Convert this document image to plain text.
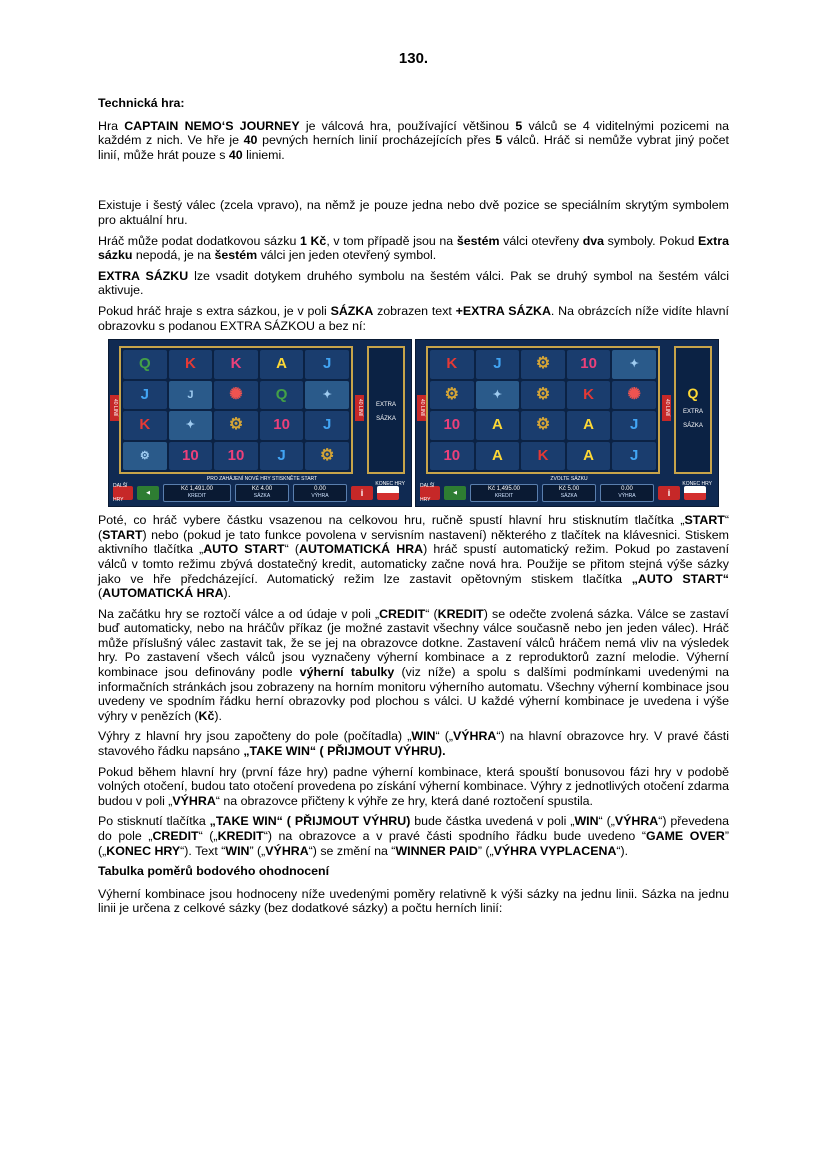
130.
Technická hra:

Hra CAPTAIN NEMO‘S JOURNEY je válcová hra, používající většinou 5 válců se 4 viditelnými pozicemi na každém z nich. Ve hře je 40 pevných herních linií procházejících přes 5 válců. Hráč si nemůže vybrat jiný počet linií, může hrát pouze s 40 liniemi.

Existuje i šestý válec (zcela vpravo), na němž je pouze jedna nebo dvě pozice se speciálním skrytým symbolem pro aktuální hru.

Hráč může podat dodatkovou sázku 1 Kč, v tom případě jsou na šestém válci otevřeny dva symboly. Pokud Extra sázku nepodá, je na šestém válci jen jeden otevřený symbol.

EXTRA SÁZKU lze vsadit dotykem druhého symbolu na šestém válci. Pak se druhý symbol na šestém válci aktivuje.

Pokud hráč hraje s extra sázkou, je v poli SÁZKA zobrazen text +EXTRA SÁZKA. Na obrázcích níže vidíte hlavní obrazovku s podanou EXTRA SÁZKOU a bez ní:

40 LINIÍ
Q	K	K	A	J
J	J	✺	Q	✦
K	✦	⚙	10	J
⚙	10	10	J	⚙
40 LINIÍ	EXTRA SÁZKA
PRO ZAHÁJENÍ NOVÉ HRY STISKNĚTE START
DALŠÍ HRY
◀
Kč 1,491.00
KREDIT
Kč 4.00
SÁZKA
0.00
VÝHRA	i
KONEC HRY
40 LINIÍ
K	J	⚙	10	✦
⚙	✦	⚙	K	✺
10	A	⚙	A	J
10	A	K	A	J
40 LINIÍ
Q
EXTRA SÁZKA
ZVOLTE SÁZKU
DALŠÍ HRY
◀
Kč 1,495.00
KREDIT
Kč 5.00
SÁZKA
0.00
VÝHRA	i
KONEC HRY

Poté, co hráč vybere částku vsazenou na celkovou hru, ručně spustí hlavní hru stisknutím tlačítka „START“ (START) nebo (pokud je tato funkce povolena v servisním nastavení) některého z tlačítek na klávesnici. Stiskem aktivního tlačítka „AUTO START“ (AUTOMATICKÁ HRA) hráč spustí automatický režim. Pokud po zastavení válců v tomto režimu zbývá dostatečný kredit, automaticky začne nová hra. Použije se přitom stejná výše sázky jako ve hře předcházející. Automatický režim lze zastavit opětovným stiskem tlačítka „AUTO START“ (AUTOMATICKÁ HRA).

Na začátku hry se roztočí válce a od údaje v poli „CREDIT“ (KREDIT) se odečte zvolená sázka. Válce se zastaví buď automaticky, nebo na hráčův příkaz (je možné zastavit všechny válce současně nebo jen jeden válec). Hráč může příslušný válec zastavit tak, že se jej na obrazovce dotkne. Zastavení válců hráčem nemá vliv na výsledek hry. Po zastavení všech válců jsou vyznačeny výherní kombinace a z reproduktorů zazní melodie. Výherní kombinace jsou definovány podle výherní tabulky (viz níže) a spolu s dalšími podmínkami uvedenými na informačních stránkách jsou zobrazeny na horním monitoru výherního automatu. Všechny výherní kombinace jsou uvedeny ve spodním řádku herní obrazovky pod plochou s válci. U každé výherní kombinace je uvedena i výše výhry v penězích (Kč).

Výhry z hlavní hry jsou započteny do pole (počítadla) „WIN“ („VÝHRA“) na hlavní obrazovce hry. V pravé části stavového řádku napsáno „TAKE WIN“ ( PŘIJMOUT VÝHRU).

Pokud během hlavní hry (první fáze hry) padne výherní kombinace, která spouští bonusovou fázi hry v podobě volných otočení, budou tato otočení provedena po získání výherní kombinace. Výhry z jednotlivých otočení zdarma budou v poli „VÝHRA“ na obrazovce přičteny k výhře ze hry, která dané roztočení spustila.

Po stisknutí tlačítka „TAKE WIN“ ( PŘIJMOUT VÝHRU) bude částka uvedená v poli „WIN“ („VÝHRA“) převedena do pole „CREDIT“ („KREDIT“) na obrazovce a v pravé části spodního řádku bude uvedeno “GAME OVER” („KONEC HRY“). Text “WIN” („VÝHRA“) se změní na “WINNER PAID” („VÝHRA VYPLACENA“).

Tabulka poměrů bodového ohodnocení

Výherní kombinace jsou hodnoceny níže uvedenými poměry relativně k výši sázky na jednu linii. Sázka na jednu linii je určena z celkové sázky (bez dodatkové sázky) a počtu herních linií:
